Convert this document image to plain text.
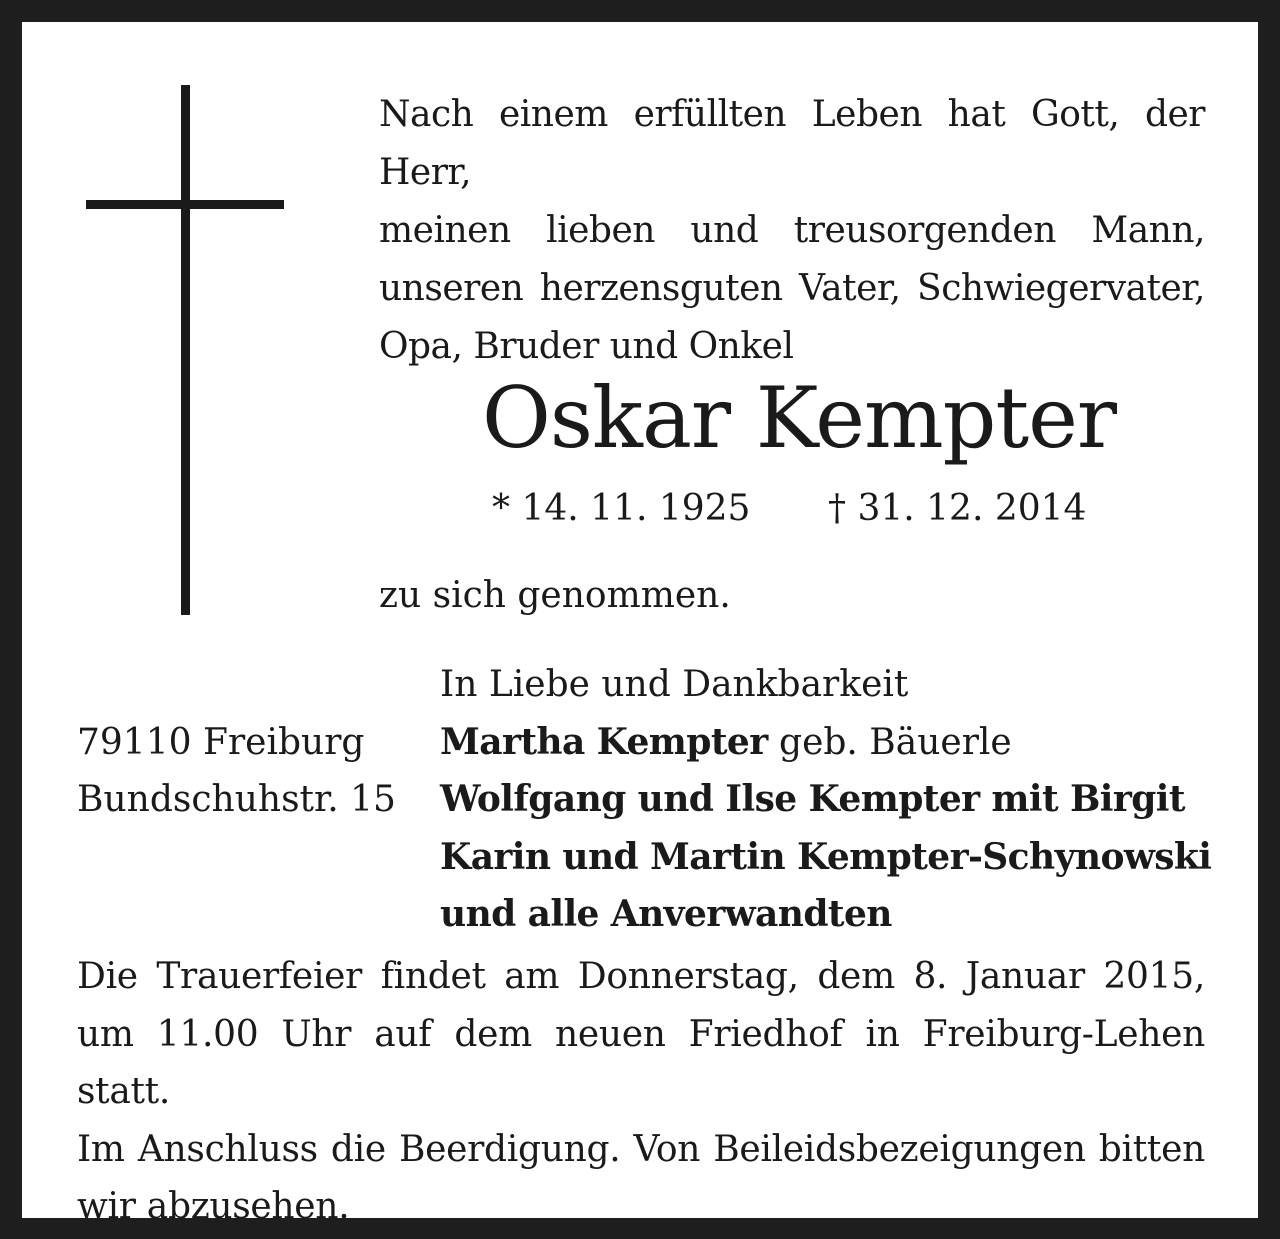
Nach einem erfüllten Leben hat Gott, der Herr,
meinen lieben und treusorgenden Mann,
unseren herzensguten Vater, Schwiegervater,
Opa, Bruder und Onkel
Oskar Kempter
* 14. 11. 1925 † 31. 12. 2014
zu sich genommen.
79110 Freiburg
Bundschuhstr. 15
In Liebe und Dankbarkeit
Martha Kempter geb. Bäuerle
Wolfgang und Ilse Kempter mit Birgit
Karin und Martin Kempter-Schynowski
und alle Anverwandten
Die Trauerfeier findet am Donnerstag, dem 8. Januar 2015,
um 11.00 Uhr auf dem neuen Friedhof in Freiburg-Lehen statt.
Im Anschluss die Beerdigung. Von Beileidsbezeigungen bitten
wir abzusehen.
